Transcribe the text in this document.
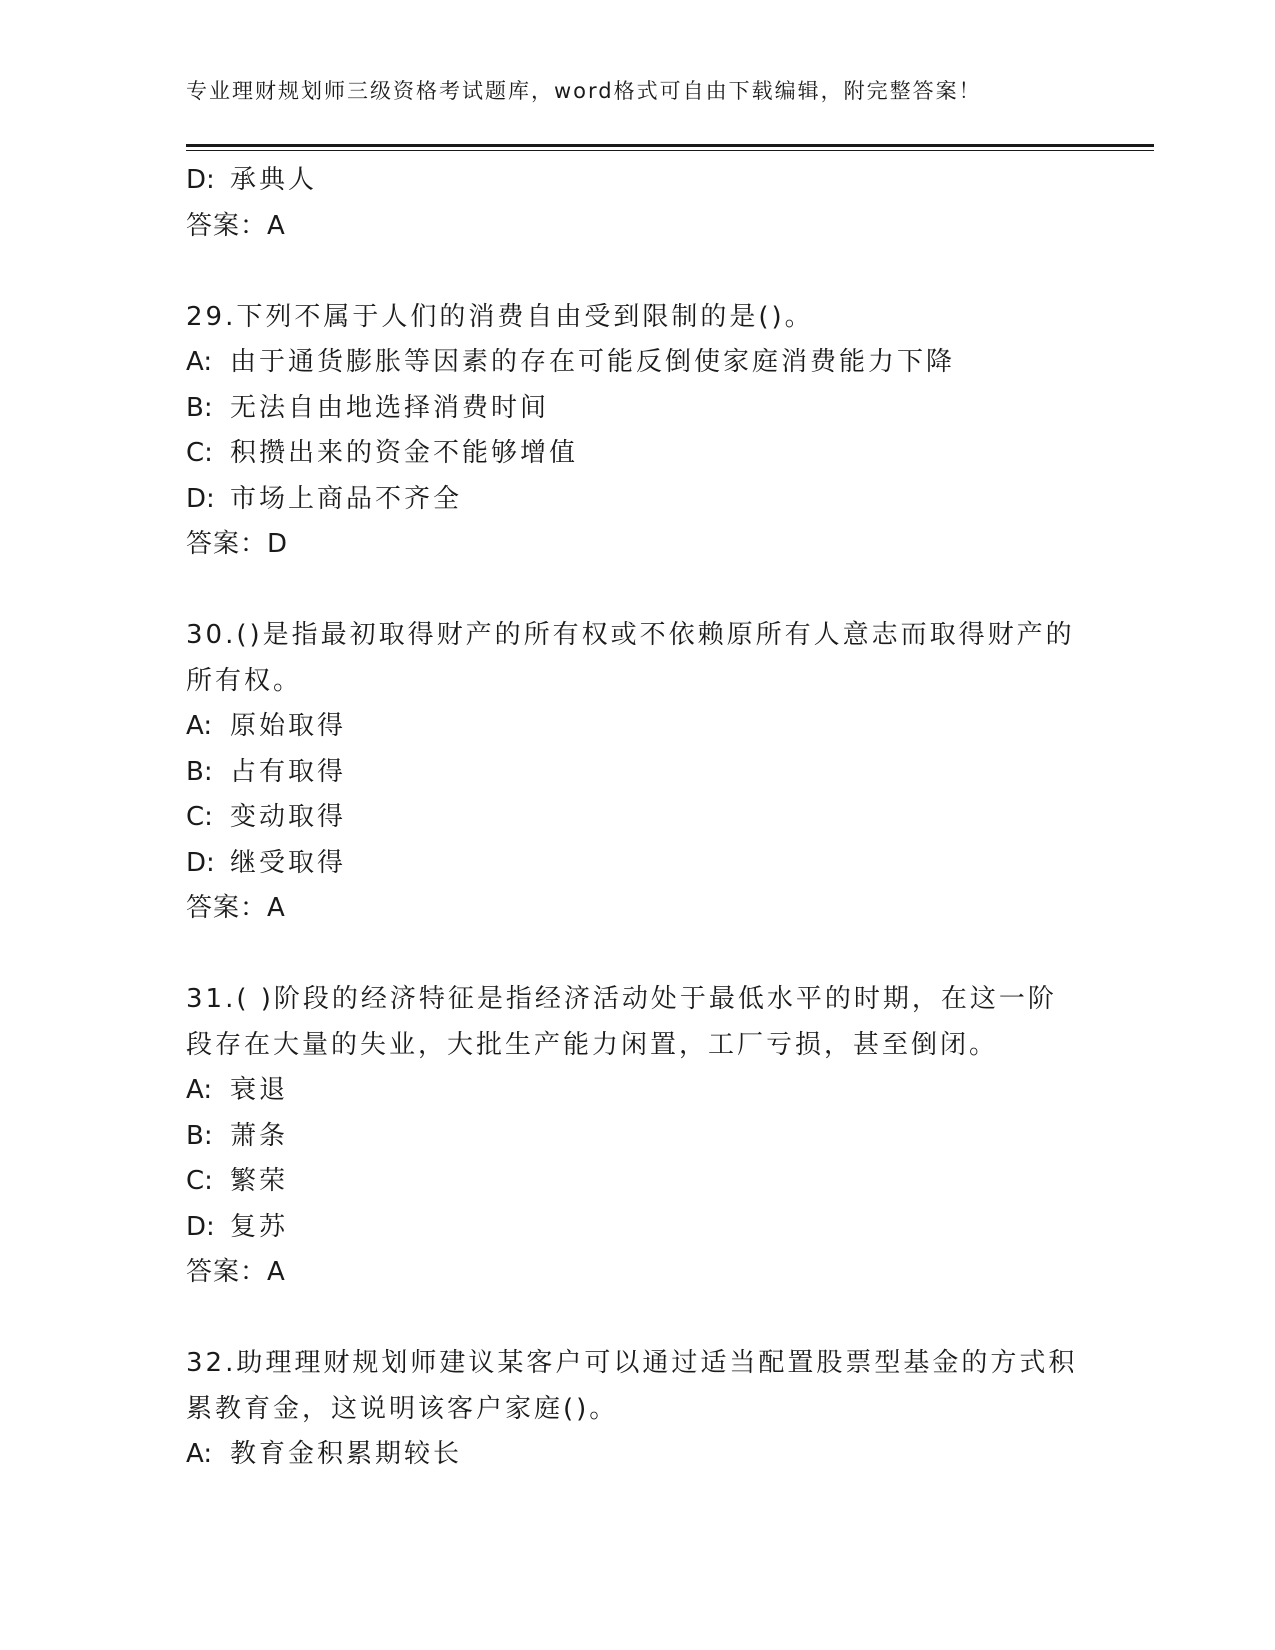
专业理财规划师三级资格考试题库，word格式可自由下载编辑，附完整答案！
D: 承典人
答案：A
29.下列不属于人们的消费自由受到限制的是()。
A: 由于通货膨胀等因素的存在可能反倒使家庭消费能力下降
B: 无法自由地选择消费时间
C: 积攒出来的资金不能够增值
D: 市场上商品不齐全
答案：D
30.()是指最初取得财产的所有权或不依赖原所有人意志而取得财产的
所有权。
A: 原始取得
B: 占有取得
C: 变动取得
D: 继受取得
答案：A
31.( )阶段的经济特征是指经济活动处于最低水平的时期，在这一阶
段存在大量的失业，大批生产能力闲置，工厂亏损，甚至倒闭。
A: 衰退
B: 萧条
C: 繁荣
D: 复苏
答案：A
32.助理理财规划师建议某客户可以通过适当配置股票型基金的方式积
累教育金，这说明该客户家庭()。
A: 教育金积累期较长
